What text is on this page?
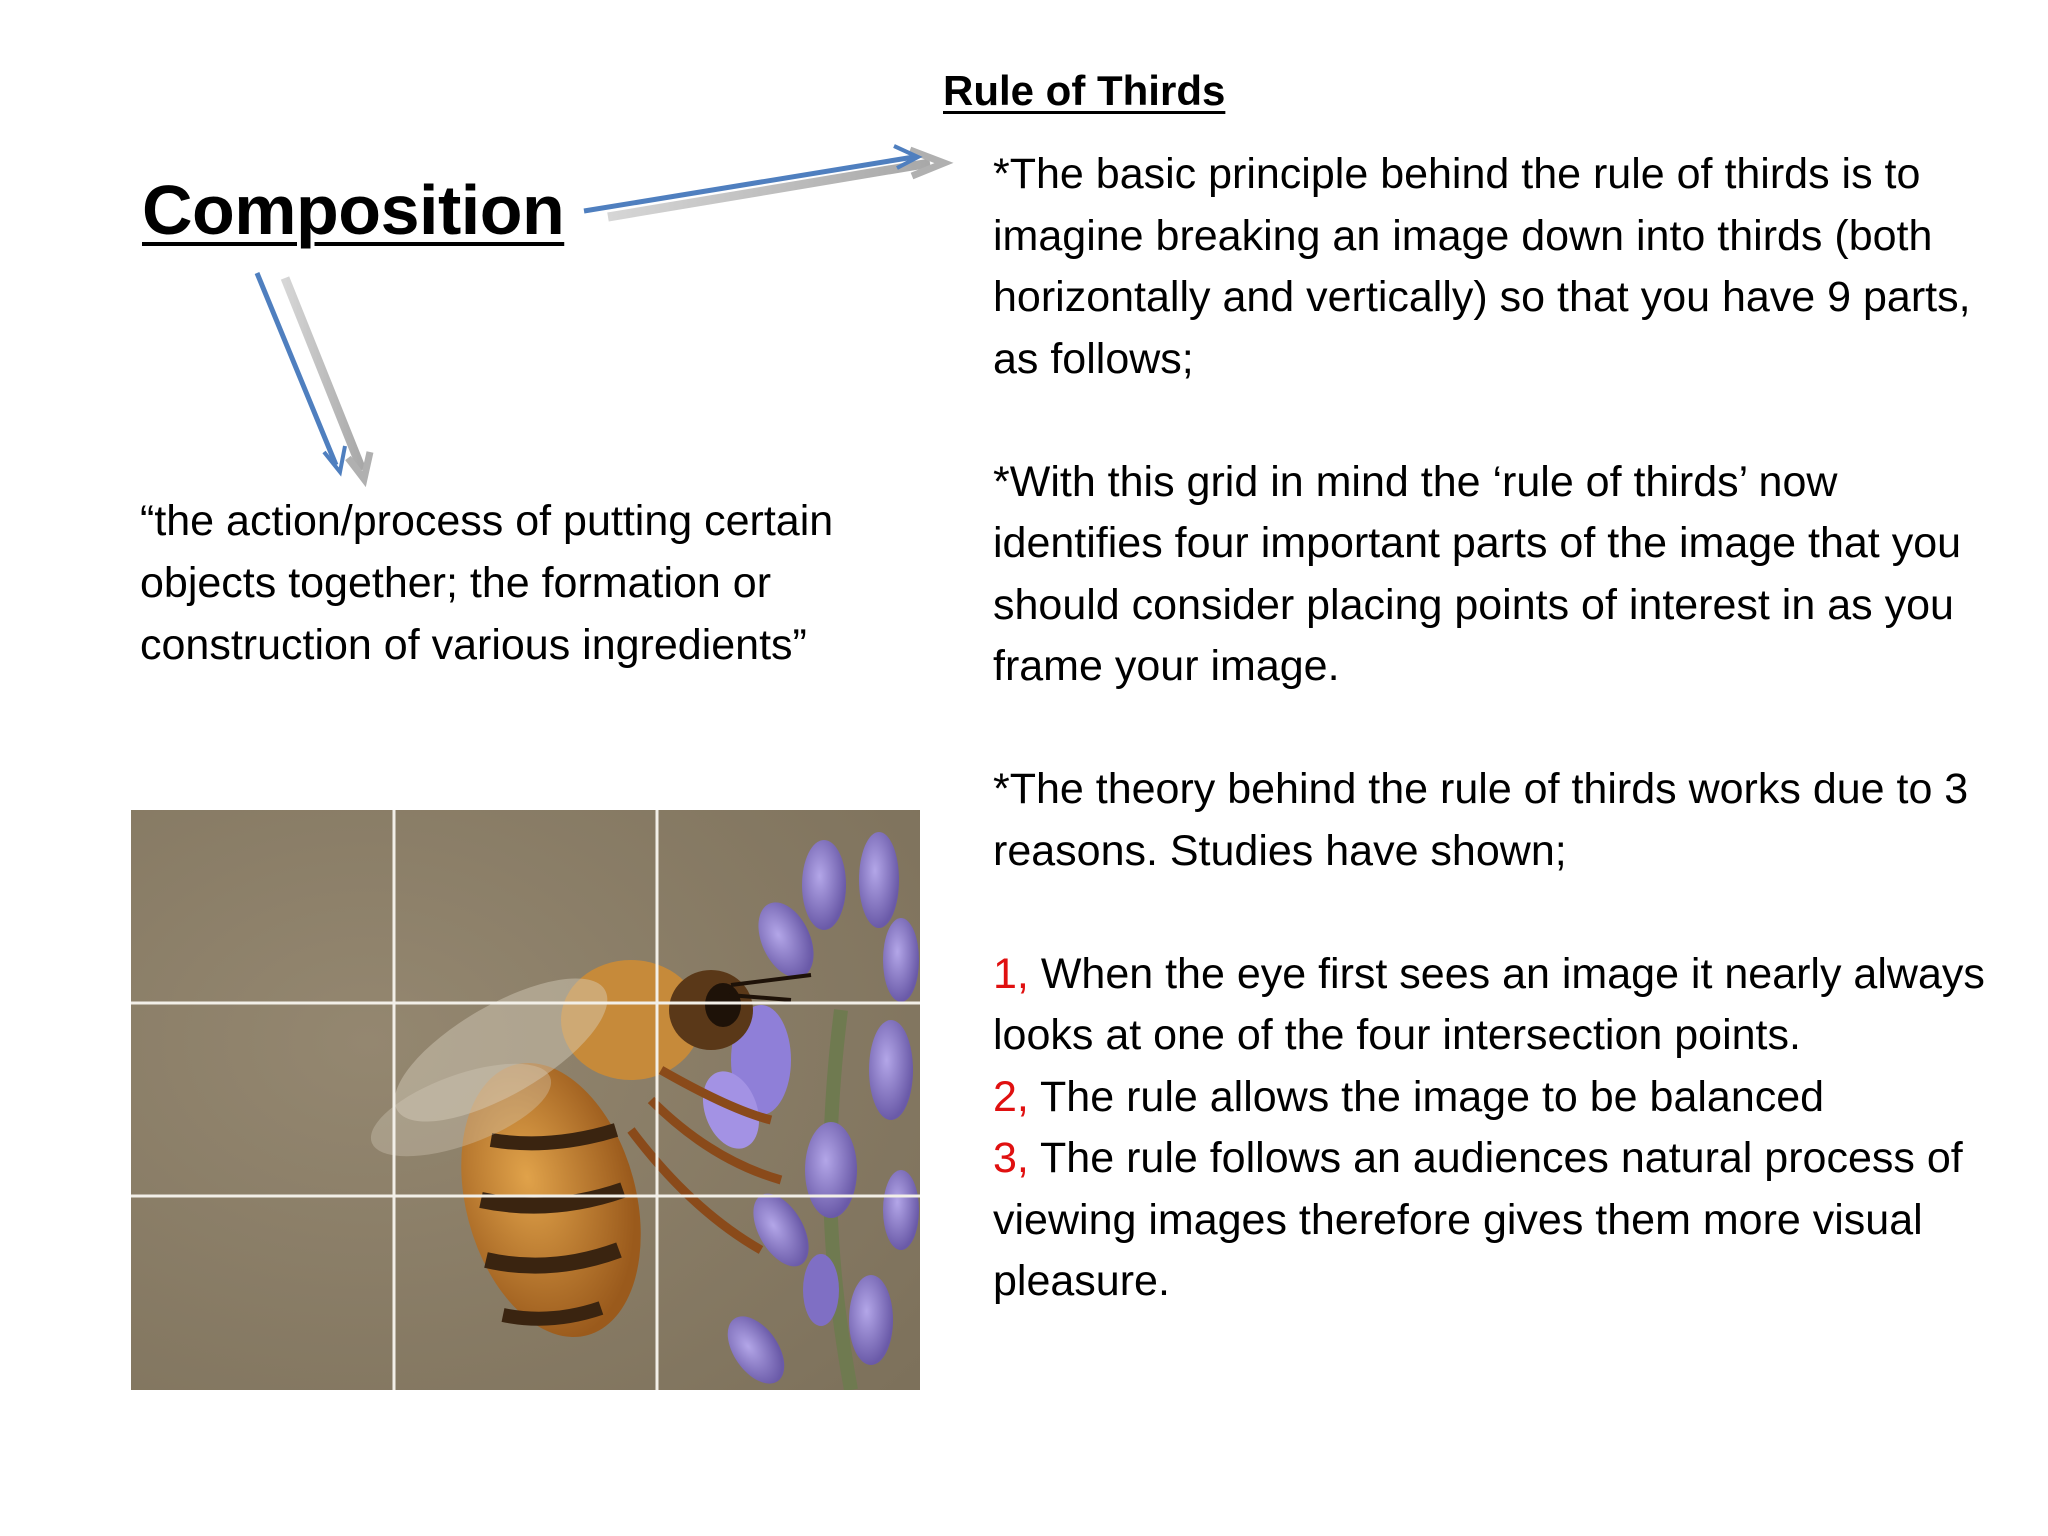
Composition
Rule of Thirds

“the action/process of putting certain objects together; the formation or construction of various ingredients”

*The basic principle behind the rule of thirds is to imagine breaking an image down into thirds (both horizontally and vertically) so that you have 9 parts, as follows;

*With this grid in mind the ‘rule of thirds’ now identifies four important parts of the image that you should consider placing points of interest in as you frame your image.

*The theory behind the rule of thirds works due to 3 reasons. Studies have shown;

1, When the eye first sees an image it nearly always looks at one of the four intersection points.

2, The rule allows the image to be balanced

3, The rule follows an audiences natural process of viewing images therefore gives them more visual pleasure.
